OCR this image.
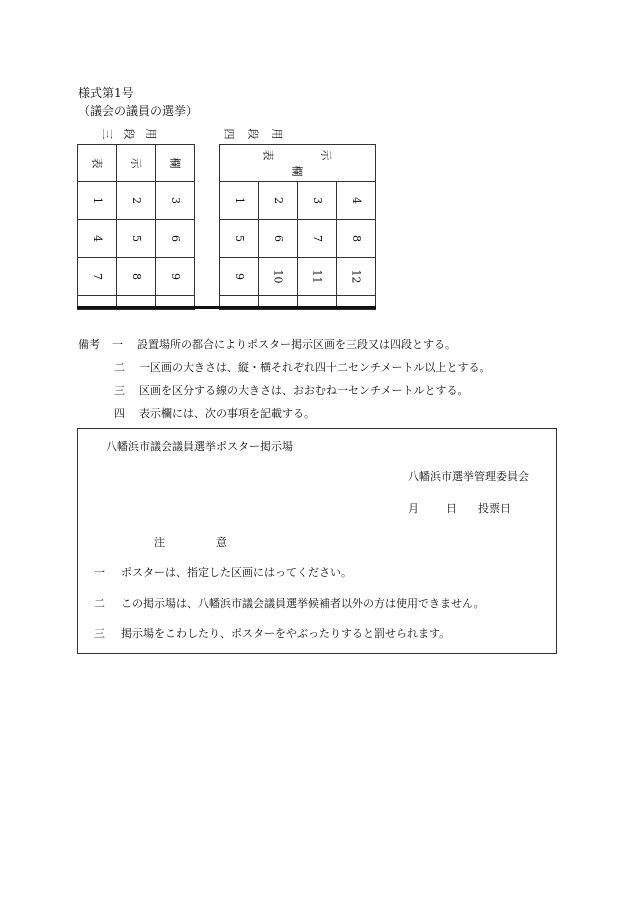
様式第1号
（議会の議員の選挙）
三 段 用	四 段 用
表	示	欄
1	2	3
4	5	6
7	8	9

表 示 欄			
1	2	3	4
5	6	7	8
9	10	11	12

備考 一 設置場所の都合によりポスター掲示区画を三段又は四段とする。
二 一区画の大きさは、縦・横それぞれ四十二センチメートル以上とする。
三 区画を区分する線の大きさは、おおむね一センチメートルとする。
四 表示欄には、次の事項を記載する。
八幡浜市議会議員選挙ポスター掲示場
八幡浜市選挙管理委員会
月 日 投票日
注	意
一 ポスターは、指定した区画にはってください。
二 この掲示場は、八幡浜市議会議員選挙候補者以外の方は使用できません。
三 掲示場をこわしたり、ポスターをやぶったりすると罰せられます。
